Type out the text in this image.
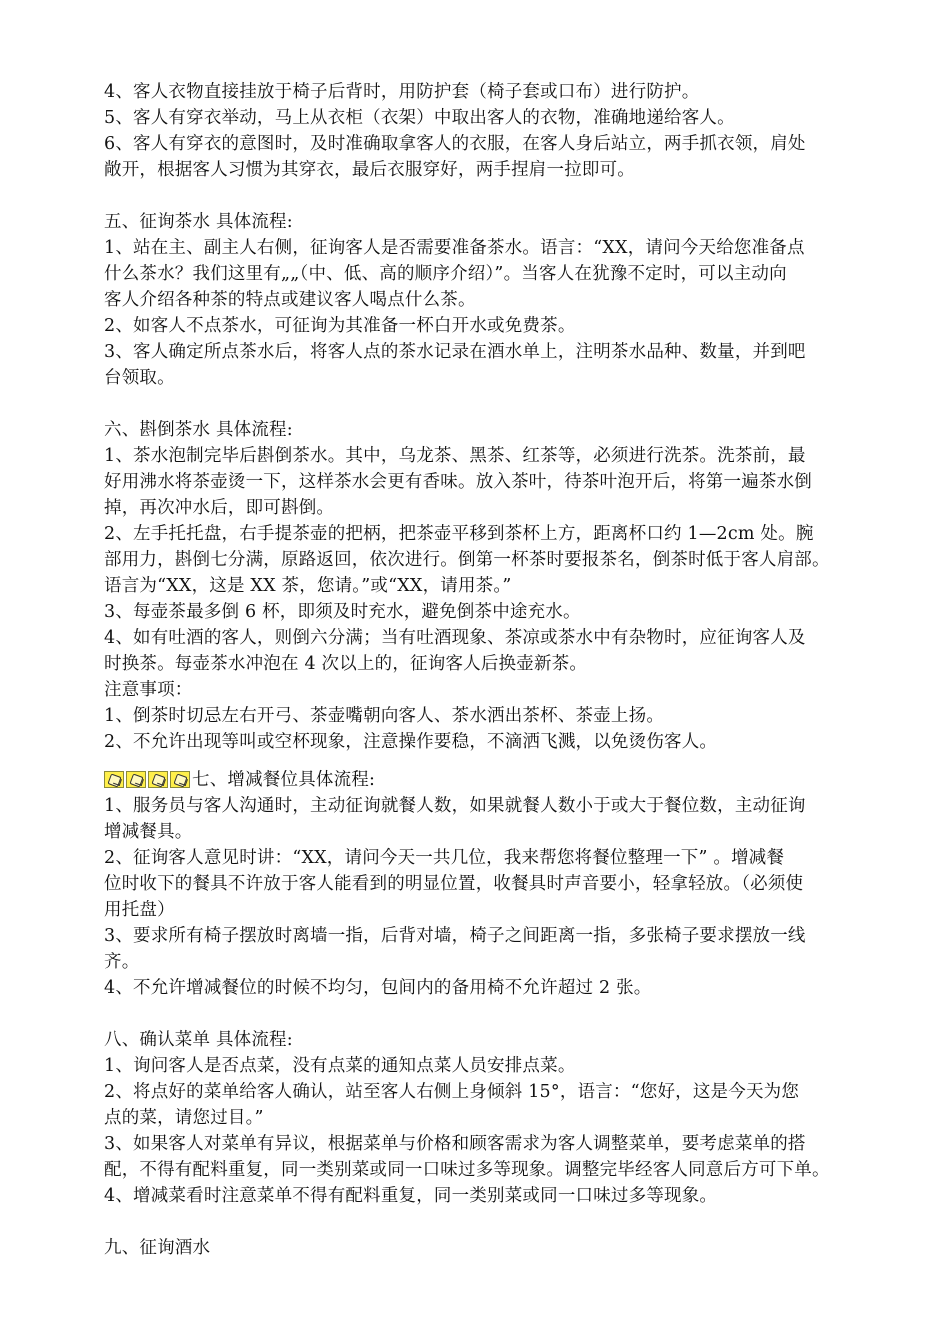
4、客人衣物直接挂放于椅子后背时，用防护套（椅子套或口布）进行防护。
5、客人有穿衣举动，马上从衣柜（衣架）中取出客人的衣物，准确地递给客人。
6、客人有穿衣的意图时，及时准确取拿客人的衣服，在客人身后站立，两手抓衣领，肩处
敞开，根据客人习惯为其穿衣，最后衣服穿好，两手捏肩一拉即可。
五、征询茶水 具体流程:
1、站在主、副主人右侧，征询客人是否需要准备茶水。语言：“XX，请问今天给您准备点
什么茶水？我们这里有„„（中、低、高的顺序介绍）”。当客人在犹豫不定时，可以主动向
客人介绍各种茶的特点或建议客人喝点什么茶。
2、如客人不点茶水，可征询为其准备一杯白开水或免费茶。
3、客人确定所点茶水后，将客人点的茶水记录在酒水单上，注明茶水品种、数量，并到吧
台领取。
六、斟倒茶水 具体流程:
1、茶水泡制完毕后斟倒茶水。其中，乌龙茶、黑茶、红茶等，必须进行洗茶。洗茶前，最
好用沸水将茶壶烫一下，这样茶水会更有香味。放入茶叶，待茶叶泡开后，将第一遍茶水倒
掉，再次冲水后，即可斟倒。
2、左手托托盘，右手提茶壶的把柄，把茶壶平移到茶杯上方，距离杯口约 1—2cm 处。腕
部用力，斟倒七分满，原路返回，依次进行。倒第一杯茶时要报茶名，倒茶时低于客人肩部。
语言为“XX，这是 XX 茶，您请。”或“XX，请用茶。”
3、每壶茶最多倒 6 杯，即须及时充水，避免倒茶中途充水。
4、如有吐酒的客人，则倒六分满；当有吐酒现象、茶凉或茶水中有杂物时，应征询客人及
时换茶。每壶茶水冲泡在 4 次以上的，征询客人后换壶新茶。
注意事项：
1、倒茶时切忌左右开弓、茶壶嘴朝向客人、茶水洒出茶杯、茶壶上扬。
2、不允许出现等叫或空杯现象，注意操作要稳，不滴洒飞溅，以免烫伤客人。
七、增减餐位具体流程:
1、服务员与客人沟通时，主动征询就餐人数，如果就餐人数小于或大于餐位数，主动征询
增减餐具。
2、征询客人意见时讲：“XX，请问今天一共几位，我来帮您将餐位整理一下” 。增减餐
位时收下的餐具不许放于客人能看到的明显位置，收餐具时声音要小，轻拿轻放。（必须使
用托盘）
3、要求所有椅子摆放时离墙一指，后背对墙，椅子之间距离一指，多张椅子要求摆放一线
齐。
4、不允许增减餐位的时候不均匀，包间内的备用椅不允许超过 2 张。
八、确认菜单 具体流程:
1、询问客人是否点菜，没有点菜的通知点菜人员安排点菜。
2、将点好的菜单给客人确认，站至客人右侧上身倾斜 15°，语言：“您好，这是今天为您
点的菜，请您过目。”
3、如果客人对菜单有异议，根据菜单与价格和顾客需求为客人调整菜单，要考虑菜单的搭
配，不得有配料重复，同一类别菜或同一口味过多等现象。调整完毕经客人同意后方可下单。
4、增减菜看时注意菜单不得有配料重复，同一类别菜或同一口味过多等现象。
九、征询酒水
